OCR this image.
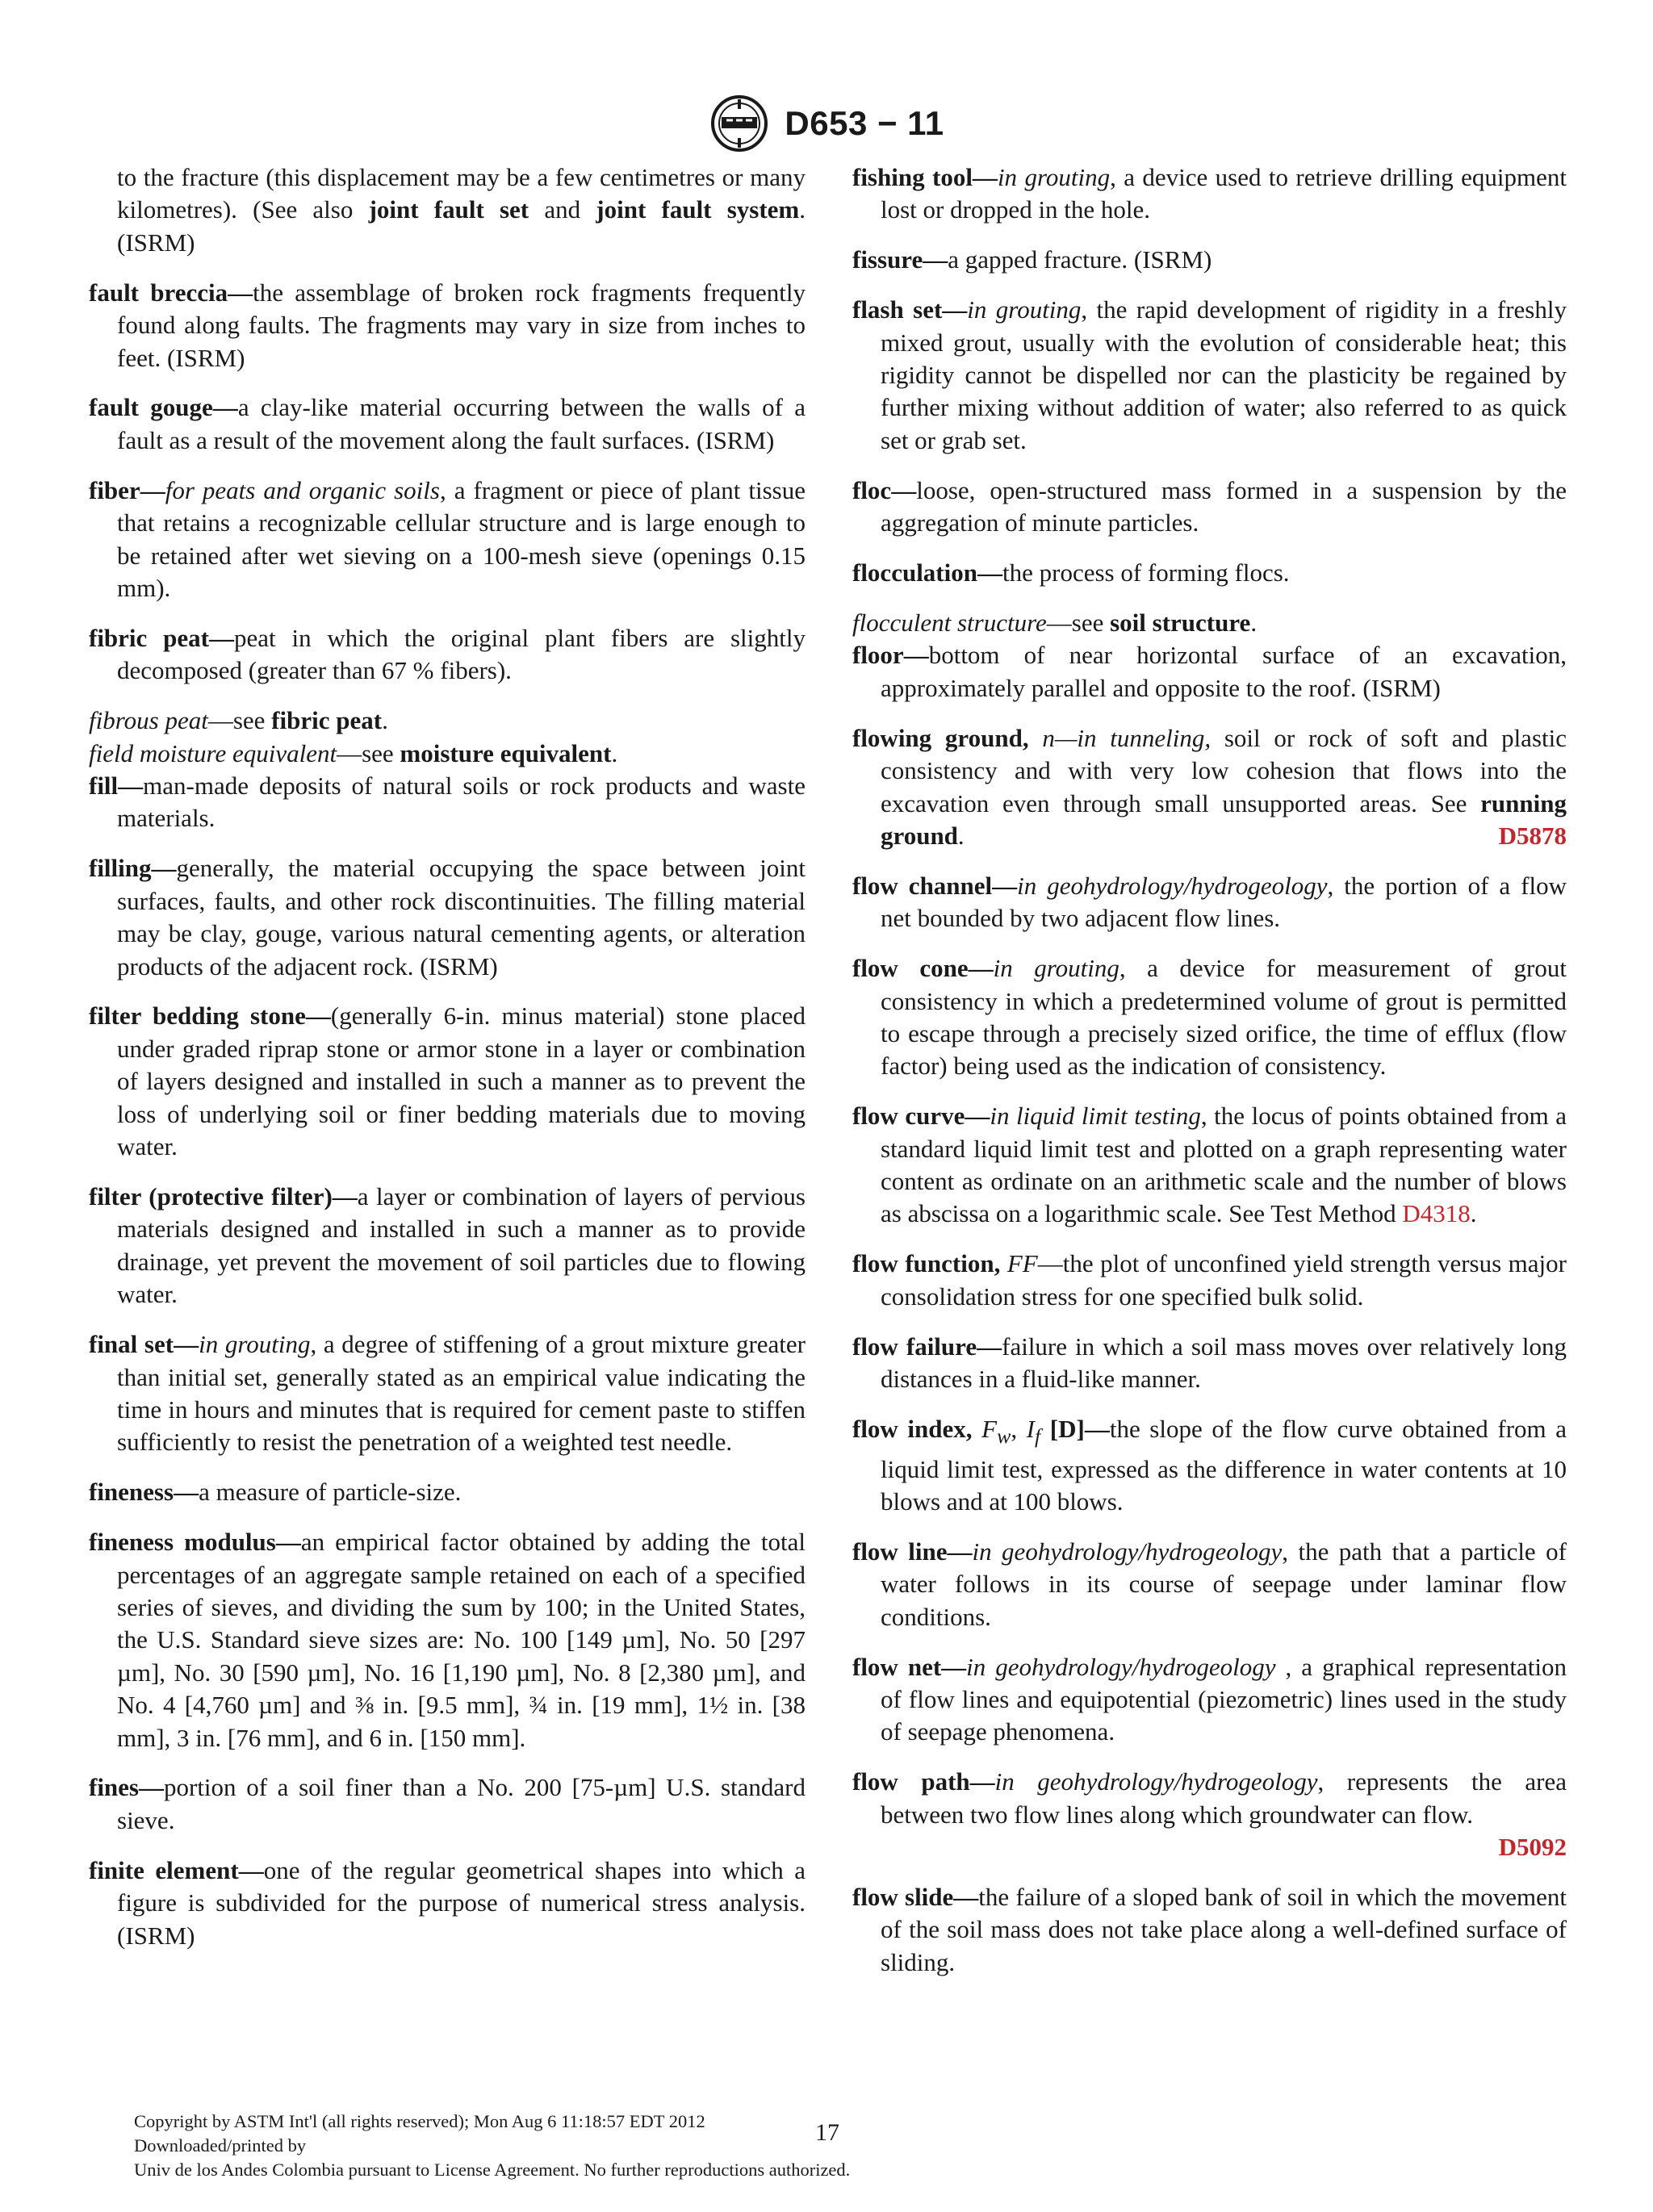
D653 − 11

to the fracture (this displacement may be a few centimetres or many kilometres). (See also joint fault set and joint fault system. (ISRM)

fault breccia—the assemblage of broken rock fragments frequently found along faults. The fragments may vary in size from inches to feet. (ISRM)

fault gouge—a clay-like material occurring between the walls of a fault as a result of the movement along the fault surfaces. (ISRM)

fiber—for peats and organic soils, a fragment or piece of plant tissue that retains a recognizable cellular structure and is large enough to be retained after wet sieving on a 100-mesh sieve (openings 0.15 mm).

fibric peat—peat in which the original plant fibers are slightly decomposed (greater than 67 % fibers).

fibrous peat—see fibric peat.

field moisture equivalent—see moisture equivalent.

fill—man-made deposits of natural soils or rock products and waste materials.

filling—generally, the material occupying the space between joint surfaces, faults, and other rock discontinuities. The filling material may be clay, gouge, various natural cementing agents, or alteration products of the adjacent rock. (ISRM)

filter bedding stone—(generally 6-in. minus material) stone placed under graded riprap stone or armor stone in a layer or combination of layers designed and installed in such a manner as to prevent the loss of underlying soil or finer bedding materials due to moving water.

filter (protective filter)—a layer or combination of layers of pervious materials designed and installed in such a manner as to provide drainage, yet prevent the movement of soil particles due to flowing water.

final set—in grouting, a degree of stiffening of a grout mixture greater than initial set, generally stated as an empirical value indicating the time in hours and minutes that is required for cement paste to stiffen sufficiently to resist the penetration of a weighted test needle.

fineness—a measure of particle-size.

fineness modulus—an empirical factor obtained by adding the total percentages of an aggregate sample retained on each of a specified series of sieves, and dividing the sum by 100; in the United States, the U.S. Standard sieve sizes are: No. 100 [149 µm], No. 50 [297 µm], No. 30 [590 µm], No. 16 [1,190 µm], No. 8 [2,380 µm], and No. 4 [4,760 µm] and ⅜ in. [9.5 mm], ¾ in. [19 mm], 1½ in. [38 mm], 3 in. [76 mm], and 6 in. [150 mm].

fines—portion of a soil finer than a No. 200 [75-µm] U.S. standard sieve.

finite element—one of the regular geometrical shapes into which a figure is subdivided for the purpose of numerical stress analysis. (ISRM)

fishing tool—in grouting, a device used to retrieve drilling equipment lost or dropped in the hole.

fissure—a gapped fracture. (ISRM)

flash set—in grouting, the rapid development of rigidity in a freshly mixed grout, usually with the evolution of considerable heat; this rigidity cannot be dispelled nor can the plasticity be regained by further mixing without addition of water; also referred to as quick set or grab set.

floc—loose, open-structured mass formed in a suspension by the aggregation of minute particles.

flocculation—the process of forming flocs.

flocculent structure—see soil structure.

floor—bottom of near horizontal surface of an excavation, approximately parallel and opposite to the roof. (ISRM)

flowing ground, n—in tunneling, soil or rock of soft and plastic consistency and with very low cohesion that flows into the excavation even through small unsupported areas. See running ground.	D5878

flow channel—in geohydrology/hydrogeology, the portion of a flow net bounded by two adjacent flow lines.

flow cone—in grouting, a device for measurement of grout consistency in which a predetermined volume of grout is permitted to escape through a precisely sized orifice, the time of efflux (flow factor) being used as the indication of consistency.

flow curve—in liquid limit testing, the locus of points obtained from a standard liquid limit test and plotted on a graph representing water content as ordinate on an arithmetic scale and the number of blows as abscissa on a logarithmic scale. See Test Method D4318.

flow function, FF—the plot of unconfined yield strength versus major consolidation stress for one specified bulk solid.

flow failure—failure in which a soil mass moves over relatively long distances in a fluid-like manner.

flow index, $F_w$, $I_f$ [D]—the slope of the flow curve obtained from a liquid limit test, expressed as the difference in water contents at 10 blows and at 100 blows.

flow line—in geohydrology/hydrogeology, the path that a particle of water follows in its course of seepage under laminar flow conditions.

flow net—in geohydrology/hydrogeology , a graphical representation of flow lines and equipotential (piezometric) lines used in the study of seepage phenomena.

flow path—in geohydrology/hydrogeology, represents the area between two flow lines along which groundwater can flow.
D5092

flow slide—the failure of a sloped bank of soil in which the movement of the soil mass does not take place along a well-defined surface of sliding.

Copyright by ASTM Int'l (all rights reserved); Mon Aug 6 11:18:57 EDT 2012
Downloaded/printed by
Univ de los Andes Colombia pursuant to License Agreement. No further reproductions authorized.
17
